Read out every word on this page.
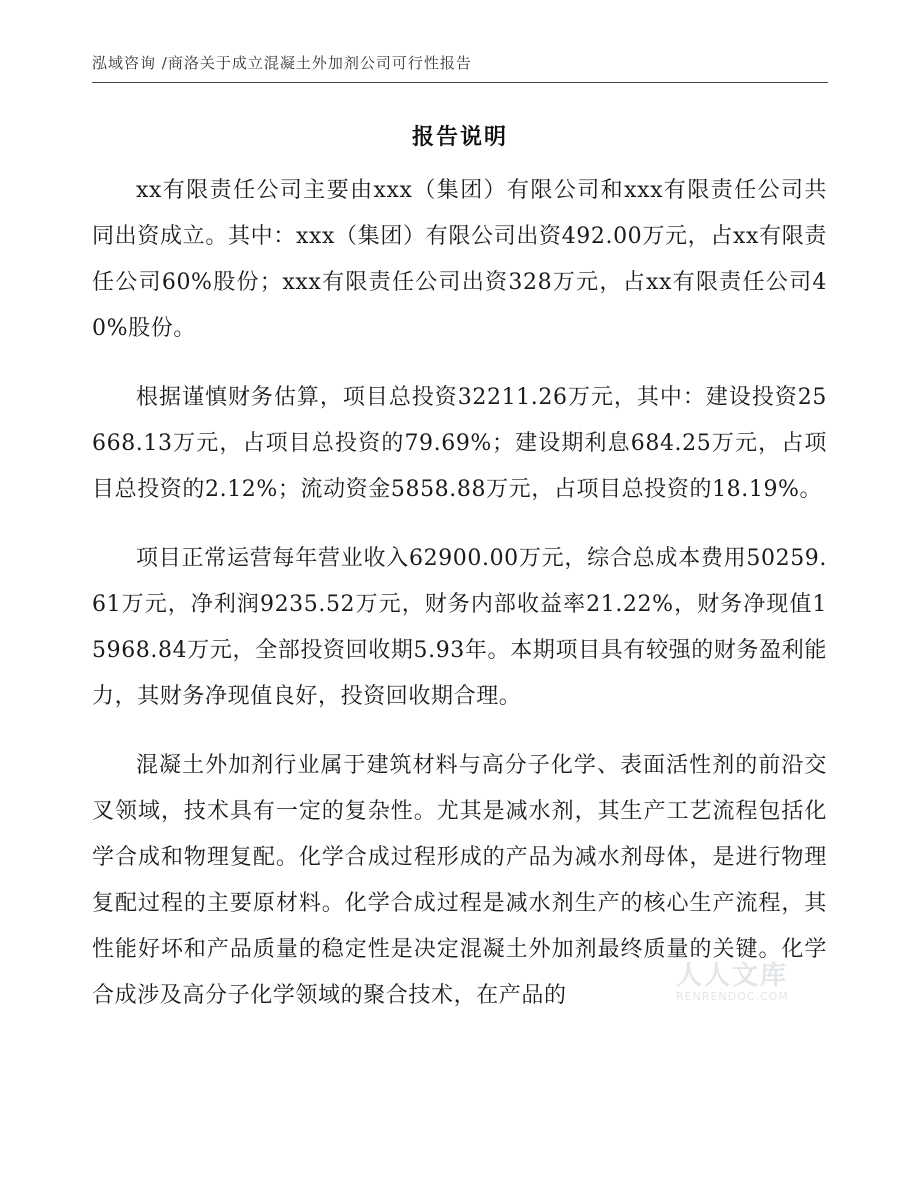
泓域咨询 /商洛关于成立混凝土外加剂公司可行性报告
报告说明

xx有限责任公司主要由xxx（集团）有限公司和xxx有限责任公司共同出资成立。其中：xxx（集团）有限公司出资492.00万元，占xx有限责任公司60%股份；xxx有限责任公司出资328万元，占xx有限责任公司40%股份。

根据谨慎财务估算，项目总投资32211.26万元，其中：建设投资25668.13万元，占项目总投资的79.69%；建设期利息684.25万元，占项目总投资的2.12%；流动资金5858.88万元，占项目总投资的18.19%。

项目正常运营每年营业收入62900.00万元，综合总成本费用50259.61万元，净利润9235.52万元，财务内部收益率21.22%，财务净现值15968.84万元，全部投资回收期5.93年。本期项目具有较强的财务盈利能力，其财务净现值良好，投资回收期合理。

混凝土外加剂行业属于建筑材料与高分子化学、表面活性剂的前沿交叉领域，技术具有一定的复杂性。尤其是减水剂，其生产工艺流程包括化学合成和物理复配。化学合成过程形成的产品为减水剂母体，是进行物理复配过程的主要原材料。化学合成过程是减水剂生产的核心生产流程，其性能好坏和产品质量的稳定性是决定混凝土外加剂最终质量的关键。化学合成涉及高分子化学领域的聚合技术，在产品的

人人文库
RENRENDOC.COM
